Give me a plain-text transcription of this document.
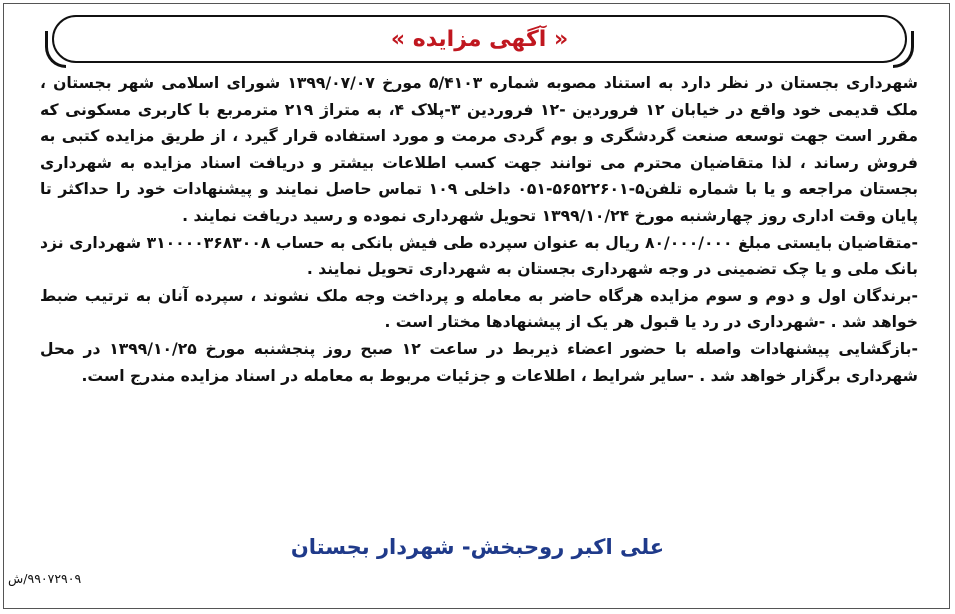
« آگهی مزایده »

شهرداری بجستان در نظر دارد به استناد مصوبه شماره ۵/۴۱۰۳ مورخ ۱۳۹۹/۰۷/۰۷ شورای اسلامی شهر بجستان ، ملک قدیمی خود واقع در خیابان ۱۲ فروردین -۱۲ فروردین ۳-پلاک ۴، به متراژ ۲۱۹ مترمربع با کاربری مسکونی که مقرر است جهت توسعه صنعت گردشگری و بوم گردی مرمت و مورد استفاده قرار گیرد ، از طریق مزایده کتبی به فروش رساند ، لذا متقاضیان محترم می توانند جهت کسب اطلاعات بیشتر و دریافت اسناد مزایده به شهرداری بجستان مراجعه و یا با شماره تلفن۵-۵۶۵۲۲۶۰۱-۰۵۱ داخلی ۱۰۹ تماس حاصل نمایند و پیشنهادات خود را حداکثر تا پایان وقت اداری روز چهارشنبه مورخ ۱۳۹۹/۱۰/۲۴ تحویل شهرداری نموده و رسید دریافت نمایند .

-متقاضیان بایستی مبلغ ۸۰/۰۰۰/۰۰۰ ریال به عنوان سپرده طی فیش بانکی به حساب ۳۱۰۰۰۰۳۶۸۳۰۰۸ شهرداری نزد بانک ملی و یا چک تضمینی در وجه شهرداری بجستان به شهرداری تحویل نمایند .

-برندگان اول و دوم و سوم مزایده هرگاه حاضر به معامله و پرداخت وجه ملک نشوند ، سپرده آنان به ترتیب ضبط خواهد شد . -شهرداری در رد یا قبول هر یک از پیشنهادها مختار است .

-بازگشایی پیشنهادات واصله با حضور اعضاء ذیربط در ساعت ۱۲ صبح روز پنجشنبه مورخ ۱۳۹۹/۱۰/۲۵ در محل شهرداری برگزار خواهد شد . -سایر شرایط ، اطلاعات و جزئیات مربوط به معامله در اسناد مزایده مندرج است.

علی اکبر روحبخش- شهردار بجستان
۹۹۰۷۲۹۰۹/ش
